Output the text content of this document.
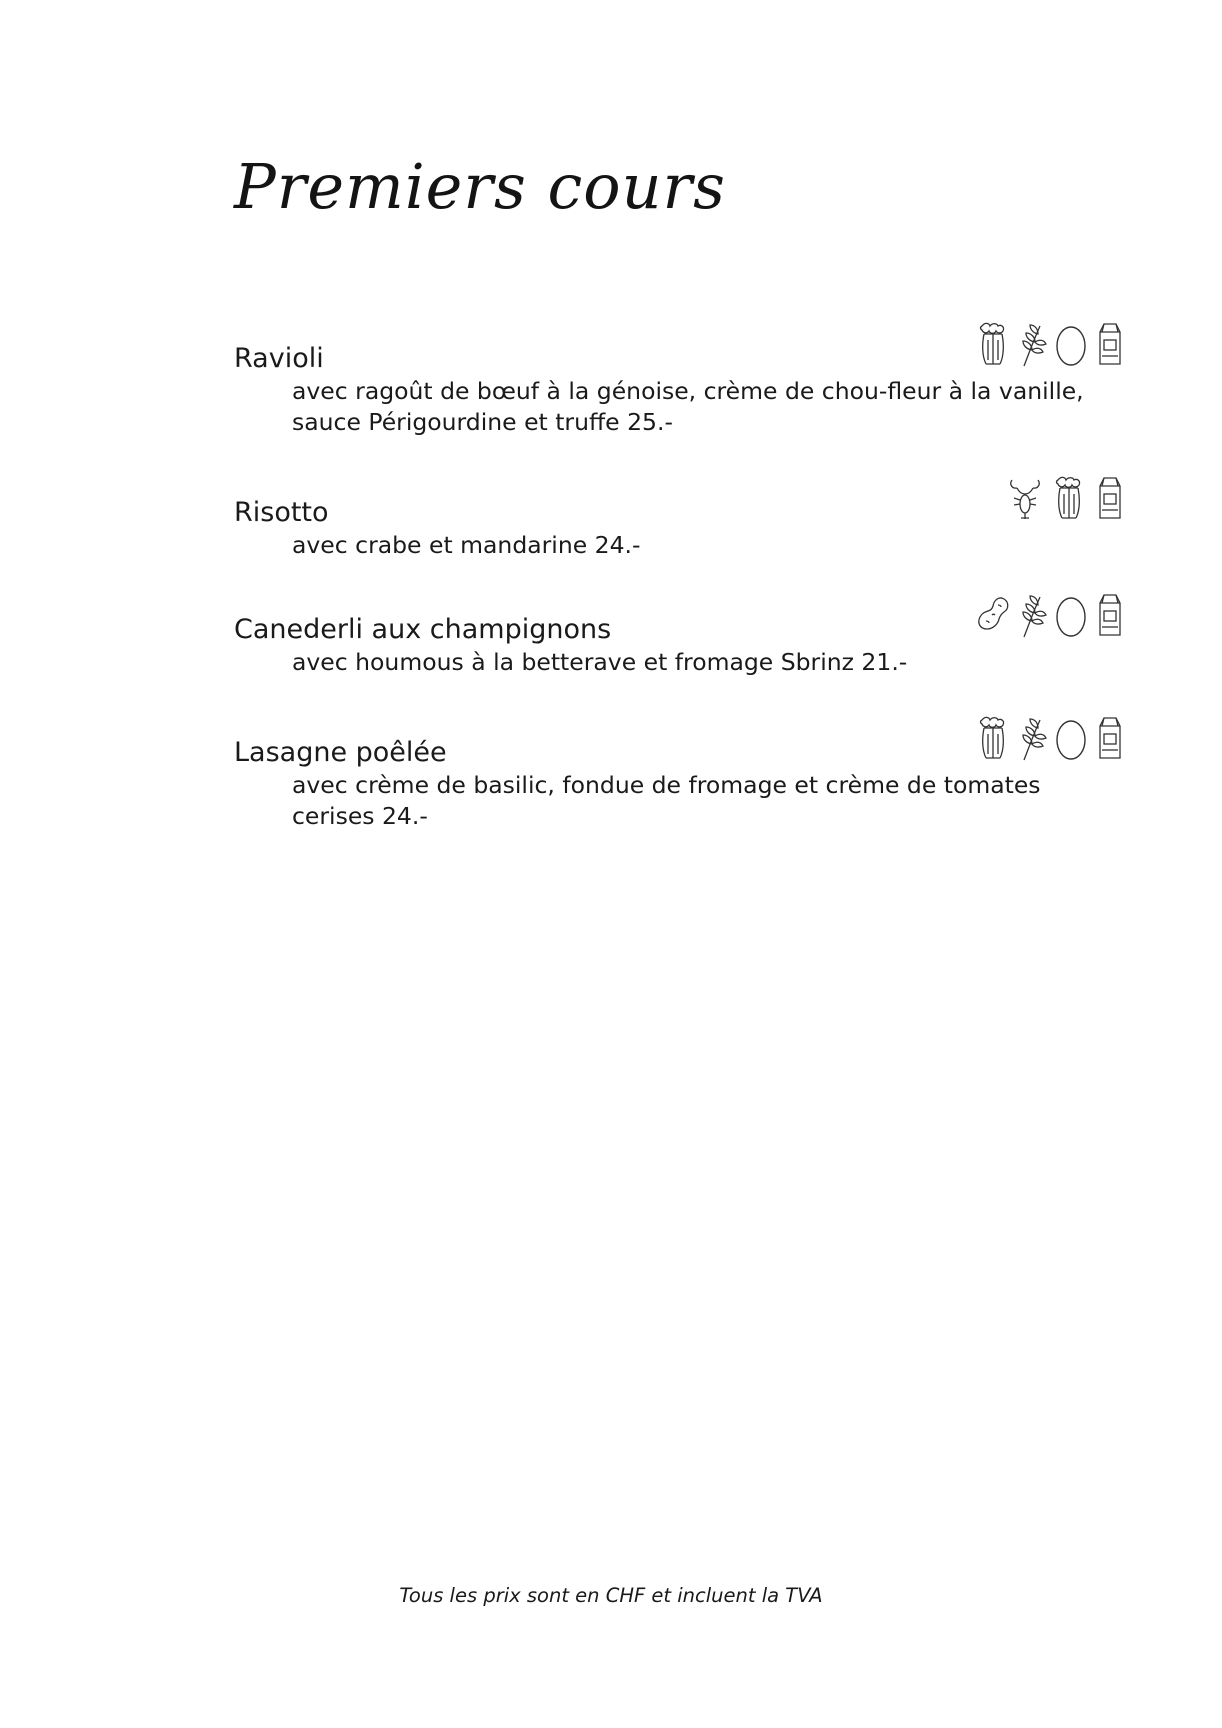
Premiers cours
Ravioli
avec ragoût de bœuf à la génoise, crème de chou-fleur à la vanille,
sauce Périgourdine et truffe 25.-
Risotto
avec crabe et mandarine 24.-
Canederli aux champignons
avec houmous à la betterave et fromage Sbrinz 21.-
Lasagne poêlée
avec crème de basilic, fondue de fromage et crème de tomates
cerises 24.-
Tous les prix sont en CHF et incluent la TVA
